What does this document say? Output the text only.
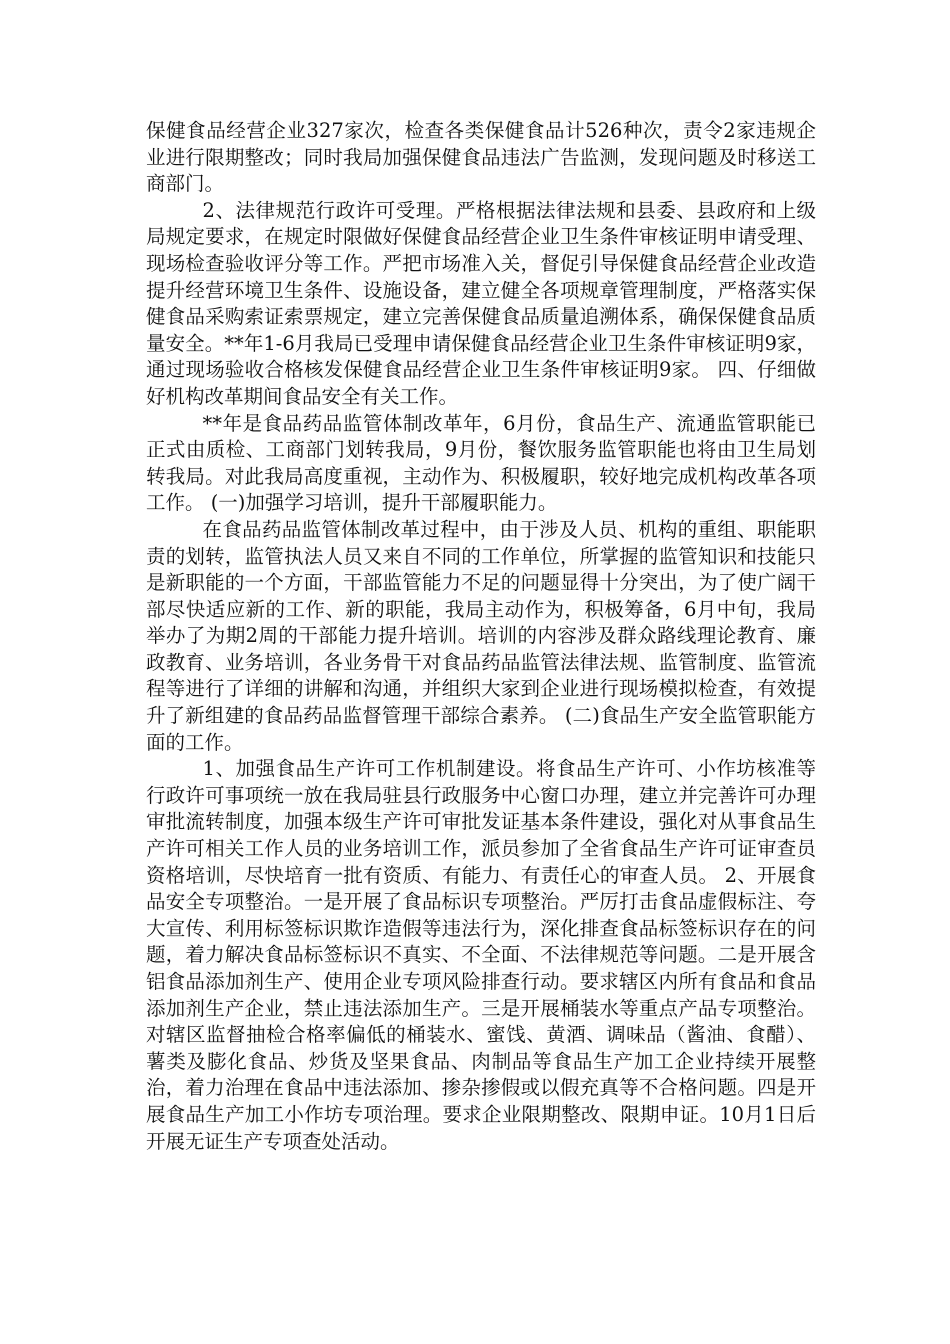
保健食品经营企业327家次，检查各类保健食品计526种次，责令2家违规企业进行限期整改；同时我局加强保健食品违法广告监测，发现问题及时移送工商部门。

2、法律规范行政许可受理。严格根据法律法规和县委、县政府和上级局规定要求，在规定时限做好保健食品经营企业卫生条件审核证明申请受理、现场检查验收评分等工作。严把市场准入关，督促引导保健食品经营企业改造提升经营环境卫生条件、设施设备，建立健全各项规章管理制度，严格落实保健食品采购索证索票规定，建立完善保健食品质量追溯体系，确保保健食品质量安全。**年1-6月我局已受理申请保健食品经营企业卫生条件审核证明9家，通过现场验收合格核发保健食品经营企业卫生条件审核证明9家。 四、仔细做好机构改革期间食品安全有关工作。

**年是食品药品监管体制改革年，6月份，食品生产、流通监管职能已正式由质检、工商部门划转我局，9月份，餐饮服务监管职能也将由卫生局划转我局。对此我局高度重视，主动作为、积极履职，较好地完成机构改革各项工作。 (一)加强学习培训，提升干部履职能力。

在食品药品监管体制改革过程中，由于涉及人员、机构的重组、职能职责的划转，监管执法人员又来自不同的工作单位，所掌握的监管知识和技能只是新职能的一个方面，干部监管能力不足的问题显得十分突出，为了使广阔干部尽快适应新的工作、新的职能，我局主动作为，积极筹备，6月中旬，我局举办了为期2周的干部能力提升培训。培训的内容涉及群众路线理论教育、廉政教育、业务培训，各业务骨干对食品药品监管法律法规、监管制度、监管流程等进行了详细的讲解和沟通，并组织大家到企业进行现场模拟检查，有效提升了新组建的食品药品监督管理干部综合素养。 (二)食品生产安全监管职能方面的工作。

1、加强食品生产许可工作机制建设。将食品生产许可、小作坊核准等行政许可事项统一放在我局驻县行政服务中心窗口办理，建立并完善许可办理审批流转制度，加强本级生产许可审批发证基本条件建设，强化对从事食品生产许可相关工作人员的业务培训工作，派员参加了全省食品生产许可证审查员资格培训，尽快培育一批有资质、有能力、有责任心的审查人员。 2、开展食品安全专项整治。一是开展了食品标识专项整治。严厉打击食品虚假标注、夸大宣传、利用标签标识欺诈造假等违法行为，深化排查食品标签标识存在的问题，着力解决食品标签标识不真实、不全面、不法律规范等问题。二是开展含铝食品添加剂生产、使用企业专项风险排查行动。要求辖区内所有食品和食品添加剂生产企业，禁止违法添加生产。三是开展桶装水等重点产品专项整治。对辖区监督抽检合格率偏低的桶装水、蜜饯、黄酒、调味品（酱油、食醋）、薯类及膨化食品、炒货及坚果食品、肉制品等食品生产加工企业持续开展整治，着力治理在食品中违法添加、掺杂掺假或以假充真等不合格问题。四是开展食品生产加工小作坊专项治理。要求企业限期整改、限期申证。10月1日后开展无证生产专项查处活动。
